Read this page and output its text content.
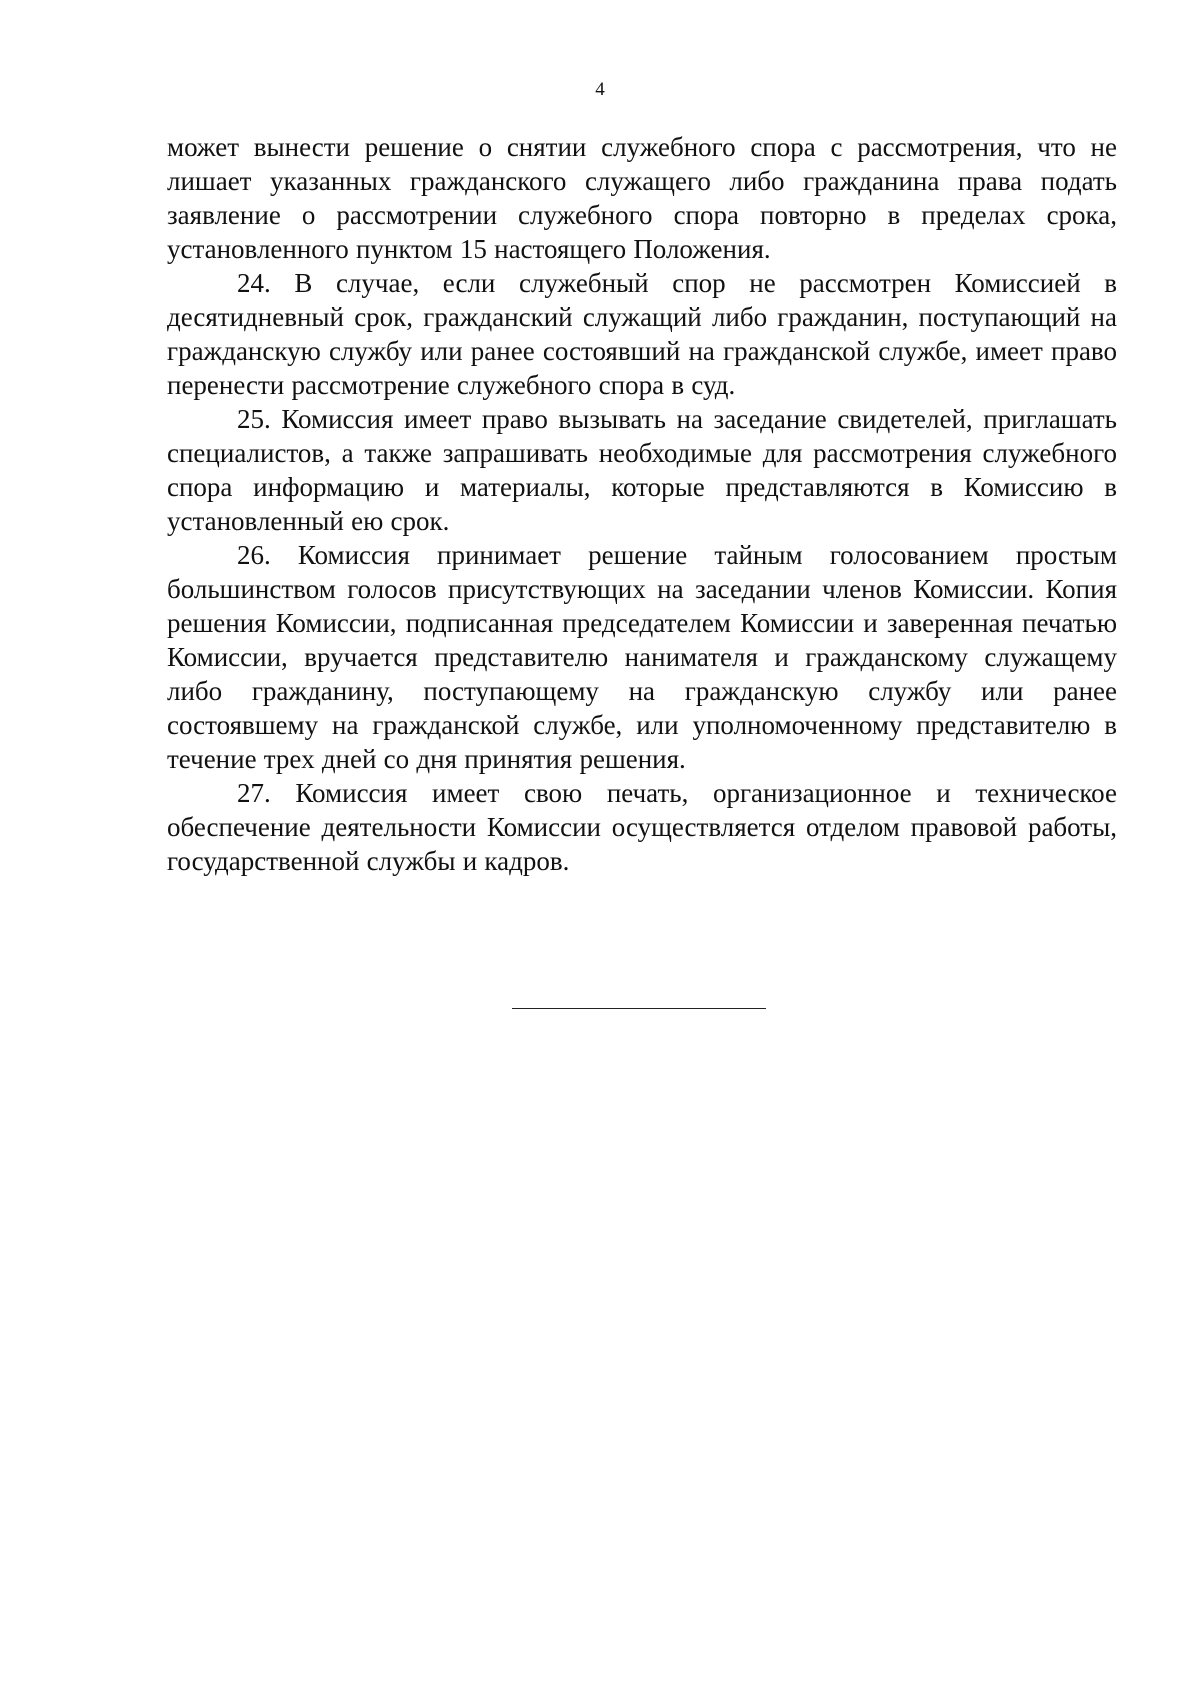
4

может вынести решение о снятии служебного спора с рассмотрения, что не лишает указанных гражданского служащего либо гражданина права подать заявление о рассмотрении служебного спора повторно в пределах срока, установленного пунктом 15 настоящего Положения.

24. В случае, если служебный спор не рассмотрен Комиссией в десятидневный срок, гражданский служащий либо гражданин, поступающий на гражданскую службу или ранее состоявший на гражданской службе, имеет право перенести рассмотрение служебного спора в суд.

25. Комиссия имеет право вызывать на заседание свидетелей, приглашать специалистов, а также запрашивать необходимые для рассмотрения служебного спора информацию и материалы, которые представляются в Комиссию в установленный ею срок.

26. Комиссия принимает решение тайным голосованием простым большинством голосов присутствующих на заседании членов Комиссии. Копия решения Комиссии, подписанная председателем Комиссии и заверенная печатью Комиссии, вручается представителю нанимателя и гражданскому служащему либо гражданину, поступающему на гражданскую службу или ранее состоявшему на гражданской службе, или уполномоченному представителю в течение трех дней со дня принятия решения.

27. Комиссия имеет свою печать, организационное и техническое обеспечение деятельности Комиссии осуществляется отделом правовой работы, государственной службы и кадров.
